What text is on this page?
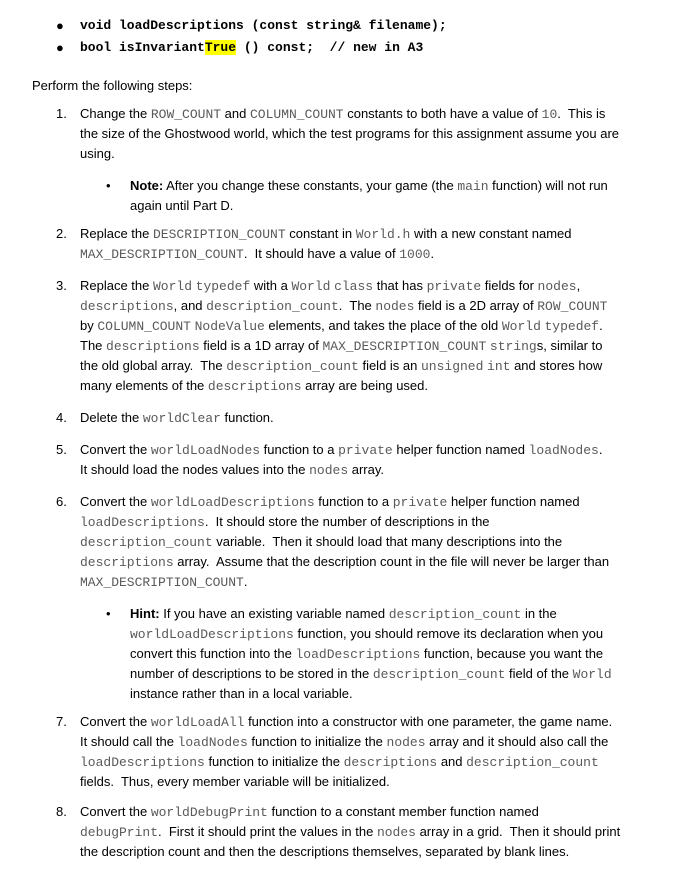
● void loadDescriptions (const string& filename);
● bool isInvariantTrue () const;  // new in A3
Perform the following steps:
1. Change the ROW_COUNT and COLUMN_COUNT constants to both have a value of 10.  This is
the size of the Ghostwood world, which the test programs for this assignment assume you are
using.
• Note: After you change these constants, your game (the main function) will not run
again until Part D.
2. Replace the DESCRIPTION_COUNT constant in World.h with a new constant named
MAX_DESCRIPTION_COUNT.  It should have a value of 1000.
3. Replace the World typedef with a World class that has private fields for nodes,
descriptions, and description_count.  The nodes field is a 2D array of ROW_COUNT
by COLUMN_COUNT NodeValue elements, and takes the place of the old World typedef.
The descriptions field is a 1D array of MAX_DESCRIPTION_COUNT strings, similar to
the old global array.  The description_count field is an unsigned int and stores how
many elements of the descriptions array are being used.
4. Delete the worldClear function.
5. Convert the worldLoadNodes function to a private helper function named loadNodes.
It should load the nodes values into the nodes array.
6. Convert the worldLoadDescriptions function to a private helper function named
loadDescriptions.  It should store the number of descriptions in the
description_count variable.  Then it should load that many descriptions into the
descriptions array.  Assume that the description count in the file will never be larger than
MAX_DESCRIPTION_COUNT.
• Hint: If you have an existing variable named description_count in the
worldLoadDescriptions function, you should remove its declaration when you
convert this function into the loadDescriptions function, because you want the
number of descriptions to be stored in the description_count field of the World
instance rather than in a local variable.
7. Convert the worldLoadAll function into a constructor with one parameter, the game name.
It should call the loadNodes function to initialize the nodes array and it should also call the
loadDescriptions function to initialize the descriptions and description_count
fields.  Thus, every member variable will be initialized.
8. Convert the worldDebugPrint function to a constant member function named
debugPrint.  First it should print the values in the nodes array in a grid.  Then it should print
the description count and then the descriptions themselves, separated by blank lines.
